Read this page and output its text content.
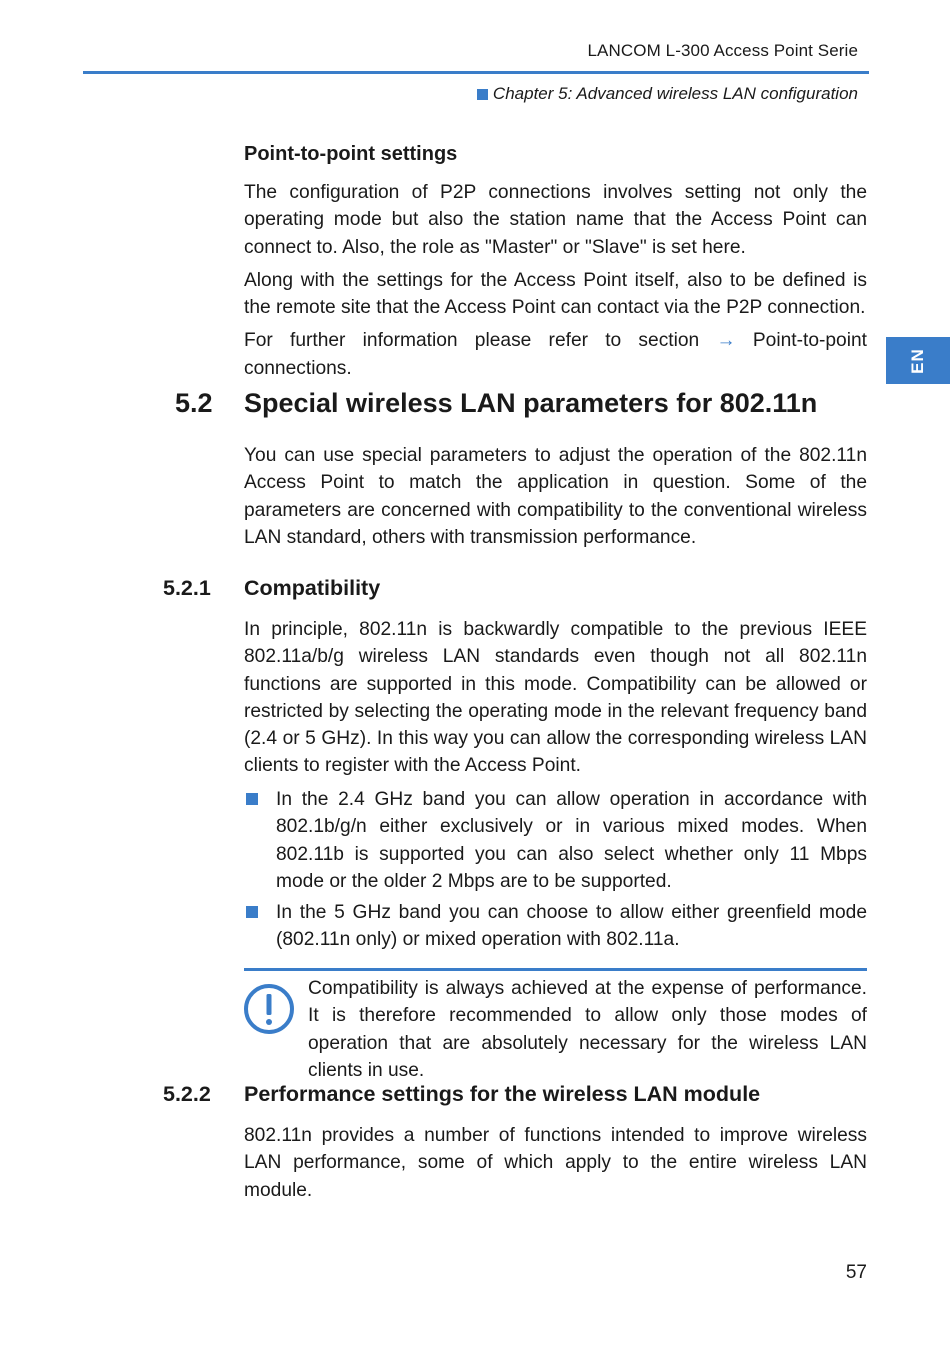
LANCOM L-300 Access Point Serie
Chapter 5: Advanced wireless LAN configuration
EN
Point-to-point settings

The configuration of P2P connections involves setting not only the operating mode but also the station name that the Access Point can connect to. Also, the role as "Master" or "Slave" is set here.

Along with the settings for the Access Point itself, also to be defined is the remote site that the Access Point can contact via the P2P connection.

For further information please refer to section → Point-to-point connections.

5.2	Special wireless LAN parameters for 802.11n

You can use special parameters to adjust the operation of the 802.11n Access Point to match the application in question. Some of the parameters are concerned with compatibility to the conventional wireless LAN standard, others with transmission performance.

5.2.1	Compatibility

In principle, 802.11n is backwardly compatible to the previous IEEE 802.11a/b/g wireless LAN standards even though not all 802.11n functions are supported in this mode. Compatibility can be allowed or restricted by selecting the operating mode in the relevant frequency band (2.4 or 5 GHz). In this way you can allow the corresponding wireless LAN clients to register with the Access Point.

In the 2.4 GHz band you can allow operation in accordance with 802.1b/g/n either exclusively or in various mixed modes. When 802.11b is supported you can also select whether only 11 Mbps mode or the older 2 Mbps are to be supported.
In the 5 GHz band you can choose to allow either greenfield mode (802.11n only) or mixed operation with 802.11a.

Compatibility is always achieved at the expense of performance. It is therefore recommended to allow only those modes of operation that are absolutely necessary for the wireless LAN clients in use.

5.2.2	Performance settings for the wireless LAN module

802.11n provides a number of functions intended to improve wireless LAN performance, some of which apply to the entire wireless LAN module.

57
